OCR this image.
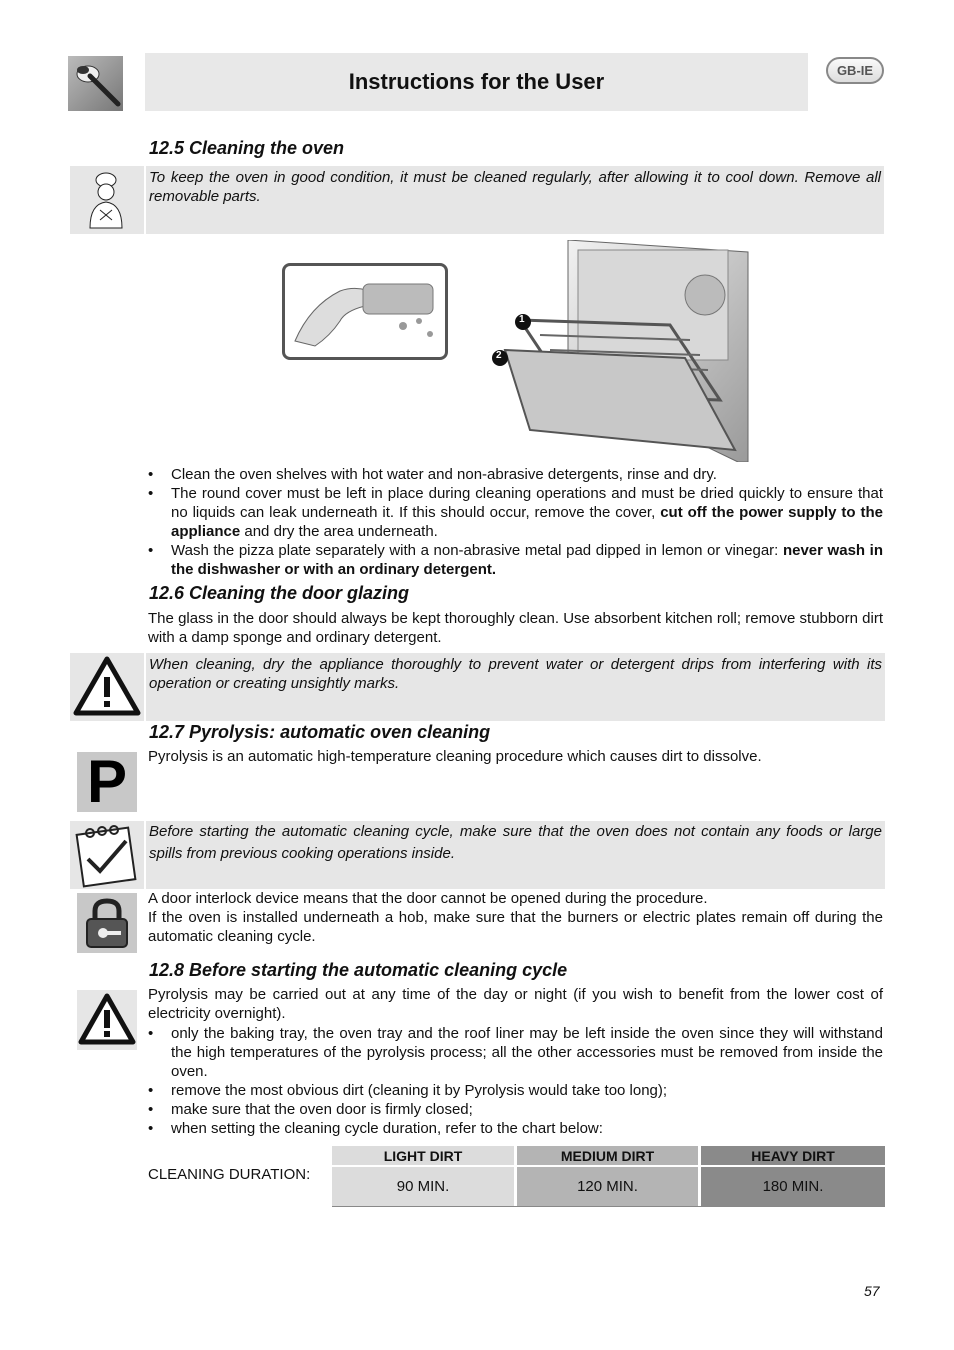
Instructions for the User	GB-IE
12.5 Cleaning the oven
To keep the oven in good condition, it must be cleaned regularly, after allowing it to cool down. Remove all removable parts.
1
2
• Clean the oven shelves with hot water and non-abrasive detergents, rinse and dry.
• The round cover must be left in place during cleaning operations and must be dried quickly to ensure that no liquids can leak underneath it. If this should occur, remove the cover, cut off the power supply to the appliance and dry the area underneath.
• Wash the pizza plate separately with a non-abrasive metal pad dipped in lemon or vinegar: never wash in the dishwasher or with an ordinary detergent.
12.6 Cleaning the door glazing
The glass in the door should always be kept thoroughly clean. Use absorbent kitchen roll; remove stubborn dirt with a damp sponge and ordinary detergent.
When cleaning, dry the appliance thoroughly to prevent water or detergent drips from interfering with its operation or creating unsightly marks.
12.7 Pyrolysis: automatic oven cleaning
P Pyrolysis is an automatic high-temperature cleaning procedure which causes dirt to dissolve.
Before starting the automatic cleaning cycle, make sure that the oven does not contain any foods or large spills from previous cooking operations inside.
A door interlock device means that the door cannot be opened during the procedure.
If the oven is installed underneath a hob, make sure that the burners or electric plates remain off during the automatic cleaning cycle.
12.8 Before starting the automatic cleaning cycle
Pyrolysis may be carried out at any time of the day or night (if you wish to benefit from the lower cost of electricity overnight).
• only the baking tray, the oven tray and the roof liner may be left inside the oven since they will withstand the high temperatures of the pyrolysis process; all the other accessories must be removed from inside the oven.
• remove the most obvious dirt (cleaning it by Pyrolysis would take too long);
• make sure that the oven door is firmly closed;
• when setting the cleaning cycle duration, refer to the chart below:
CLEANING DURATION:
LIGHT DIRT	MEDIUM DIRT	HEAVY DIRT
90 MIN.	120 MIN.	180 MIN.
57
